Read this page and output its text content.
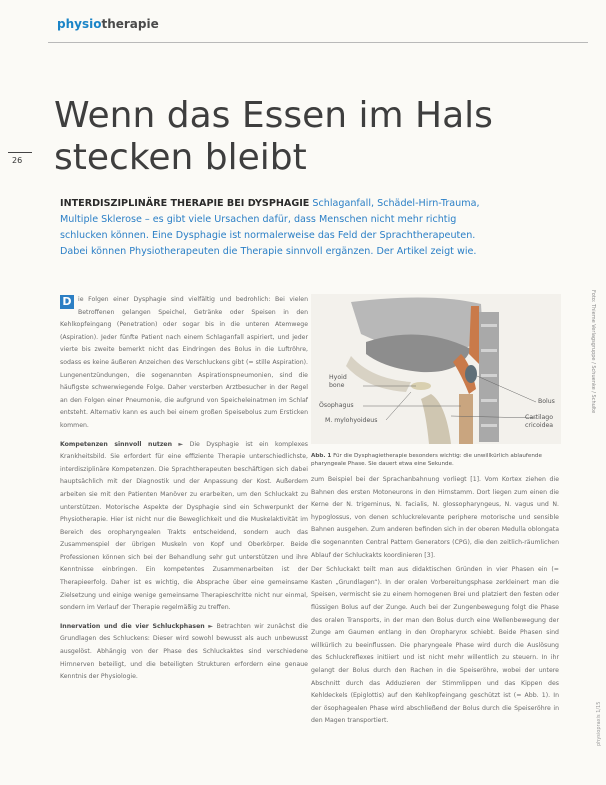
physiotherapie
26
Wenn das Essen im Hals
stecken bleibt
INTERDISZIPLINÄRE THERAPIE BEI DYSPHAGIE Schlaganfall, Schädel-Hirn-Trauma, Multiple Sklerose – es gibt viele Ursachen dafür, dass Menschen nicht mehr richtig schlucken können. Eine Dysphagie ist normalerweise das Feld der Sprachtherapeuten. Dabei können Physiotherapeuten die Therapie sinnvoll ergänzen. Der Artikel zeigt wie.

D	ie Folgen einer Dysphagie sind vielfältig und bedrohlich: Bei vielen Betroffenen gelangen Speichel, Getränke oder Speisen in den Kehlkopfeingang (Penetration) oder sogar bis in die unteren Atemwege (Aspiration). Jeder fünfte Patient nach einem Schlaganfall aspiriert, und jeder vierte bis zweite bemerkt nicht das Eindringen des Bolus in die Luftröhre, sodass es keine äußeren Anzeichen des Verschluckens gibt (= stille Aspiration). Lungenentzündungen, die sogenannten Aspirationspneumonien, sind die häufigste schwerwiegende Folge. Daher versterben Arztbesucher in der Regel an den Folgen einer Pneumonie, die aufgrund von Speicheleinatmen im Schlaf entsteht. Alternativ kann es auch bei einem großen Speisebolus zum Ersticken kommen.

Kompetenzen sinnvoll nutzen ► Die Dysphagie ist ein komplexes Krankheitsbild. Sie erfordert für eine effiziente Therapie unterschiedlichste, interdisziplinäre Kompetenzen. Die Sprachtherapeuten beschäftigen sich dabei hauptsächlich mit der Diagnostik und der Anpassung der Kost. Außerdem arbeiten sie mit den Patienten Manöver zu erarbeiten, um den Schluckakt zu unterstützen. Motorische Aspekte der Dysphagie sind ein Schwerpunkt der Physiotherapie. Hier ist nicht nur die Beweglichkeit und die Muskelaktivität im Bereich des oropharyngealen Trakts entscheidend, sondern auch das Zusammenspiel der übrigen Muskeln von Kopf und Oberkörper. Beide Professionen können sich bei der Behandlung sehr gut unterstützen und ihre Kenntnisse einbringen. Ein kompetentes Zusammenarbeiten ist der Therapieerfolg. Daher ist es wichtig, die Absprache über eine gemeinsame Zielsetzung und einige wenige gemeinsame Therapieschritte nicht nur einmal, sondern im Verlauf der Therapie regelmäßig zu treffen.

Innervation und die vier Schluckphasen ► Betrachten wir zunächst die Grundlagen des Schluckens: Dieser wird sowohl bewusst als auch unbewusst ausgelöst. Abhängig von der Phase des Schluckaktes sind verschiedene Hirnnerven beteiligt, und die beteiligten Strukturen erfordern eine genaue Kenntnis der Physiologie.

Hyoid bone
Ösophagus
M. mylohyoideus
Bolus
Cartilago cricoidea
Abb. 1 Für die Dysphagietherapie besonders wichtig: die unwillkürlich ablaufende pharyngeale Phase. Sie dauert etwa eine Sekunde.
Foto: Thieme Verlagsgruppe / Schuenke / Schulte

zum Beispiel bei der Sprachanbahnung vorliegt [1]. Vom Kortex ziehen die Bahnen des ersten Motoneurons in den Hirnstamm. Dort liegen zum einen die Kerne der N. trigeminus, N. facialis, N. glossopharyngeus, N. vagus und N. hypoglossus, von denen schluckrelevante periphere motorische und sensible Bahnen ausgehen. Zum anderen befinden sich in der oberen Medulla oblongata die sogenannten Central Pattern Generators (CPG), die den zeitlich-räumlichen Ablauf der Schluckakts koordinieren [3].

Der Schluckakt teilt man aus didaktischen Gründen in vier Phasen ein (= Kasten „Grundlagen“). In der oralen Vorbereitungsphase zerkleinert man die Speisen, vermischt sie zu einem homogenen Brei und platziert den festen oder flüssigen Bolus auf der Zunge. Auch bei der Zungenbewegung folgt die Phase des oralen Transports, in der man den Bolus durch eine Wellenbewegung der Zunge am Gaumen entlang in den Oropharynx schiebt. Beide Phasen sind willkürlich zu beeinflussen. Die pharyngeale Phase wird durch die Auslösung des Schluckreflexes initiiert und ist nicht mehr willentlich zu steuern. In ihr gelangt der Bolus durch den Rachen in die Speiseröhre, wobei der untere Abschnitt durch das Adduzieren der Stimmlippen und das Kippen des Kehldeckels (Epiglottis) auf den Kehlkopfeingang geschützt ist (= Abb. 1). In der ösophagealen Phase wird abschließend der Bolus durch die Speiseröhre in den Magen transportiert.	physiopraxis 1/15
